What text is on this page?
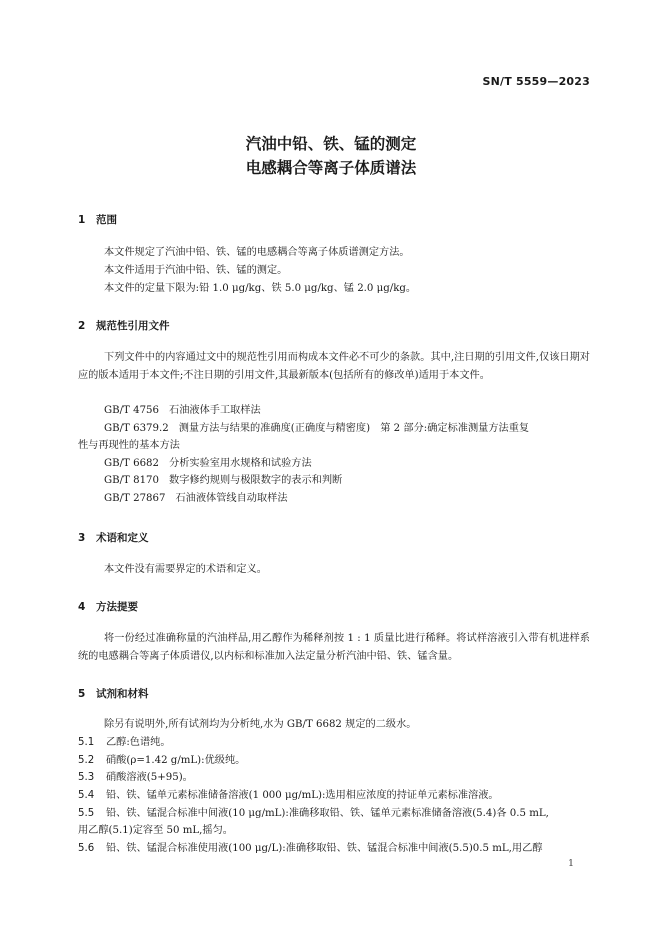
SN/T 5559—2023
汽油中铅、铁、锰的测定
电感耦合等离子体质谱法
1 范围
本文件规定了汽油中铅、铁、锰的电感耦合等离子体质谱测定方法。
本文件适用于汽油中铅、铁、锰的测定。
本文件的定量下限为:铅 1.0 μg/kg、铁 5.0 μg/kg、锰 2.0 μg/kg。
2 规范性引用文件
下列文件中的内容通过文中的规范性引用而构成本文件必不可少的条款。其中,注日期的引用文件,仅该日期对应的版本适用于本文件;不注日期的引用文件,其最新版本(包括所有的修改单)适用于本文件。
GB/T 4756 石油液体手工取样法
GB/T 6379.2 测量方法与结果的准确度(正确度与精密度)　第 2 部分:确定标准测量方法重复
性与再现性的基本方法
GB/T 6682 分析实验室用水规格和试验方法
GB/T 8170 数字修约规则与极限数字的表示和判断
GB/T 27867 石油液体管线自动取样法
3 术语和定义
本文件没有需要界定的术语和定义。
4 方法提要
将一份经过准确称量的汽油样品,用乙醇作为稀释剂按 1 : 1 质量比进行稀释。将试样溶液引入带有机进样系统的电感耦合等离子体质谱仪,以内标和标准加入法定量分析汽油中铅、铁、锰含量。
5 试剂和材料
除另有说明外,所有试剂均为分析纯,水为 GB/T 6682 规定的二级水。
5.1 乙醇:色谱纯。
5.2 硝酸(ρ=1.42 g/mL):优级纯。
5.3 硝酸溶液(5+95)。
5.4 铅、铁、锰单元素标准储备溶液(1 000 μg/mL):选用相应浓度的持证单元素标准溶液。
5.5 铅、铁、锰混合标准中间液(10 μg/mL):准确移取铅、铁、锰单元素标准储备溶液(5.4)各 0.5 mL,
用乙醇(5.1)定容至 50 mL,摇匀。
5.6 铅、铁、锰混合标准使用液(100 μg/L):准确移取铅、铁、锰混合标准中间液(5.5)0.5 mL,用乙醇
1
